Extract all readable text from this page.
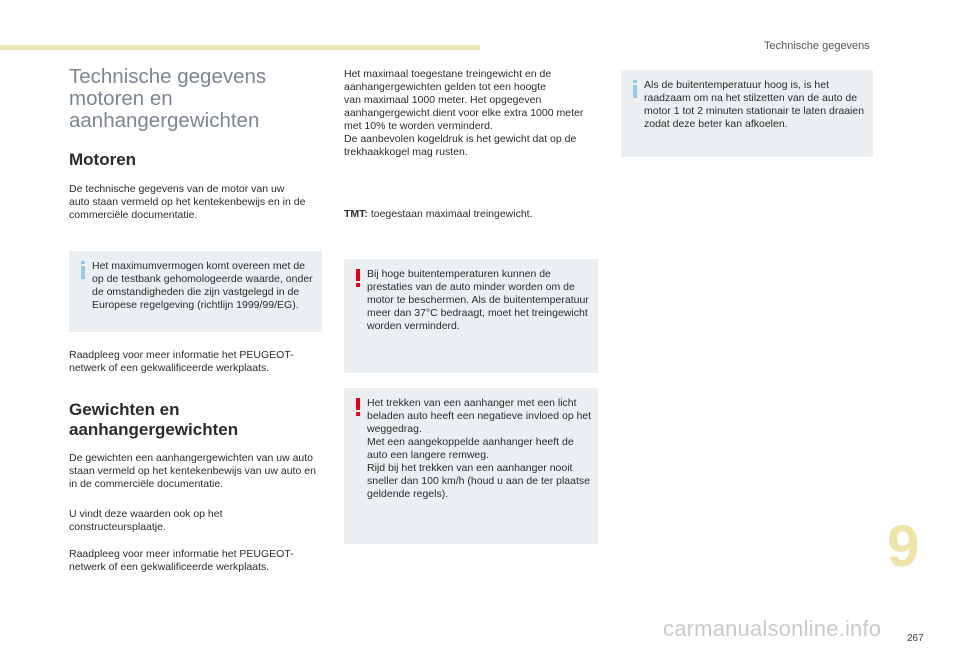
Technische gegevens
Technische gegevens
motoren en
aanhangergewichten
Motoren

De technische gegevens van de motor van uw
auto staan vermeld op het kentekenbewijs en in de
commerciële documentatie.

Het maximumvermogen komt overeen met de
op de testbank gehomologeerde waarde, onder
de omstandigheden die zijn vastgelegd in de
Europese regelgeving (richtlijn 1999/99/EG).

Raadpleeg voor meer informatie het PEUGEOT-
netwerk of een gekwalificeerde werkplaats.

Gewichten en
aanhangergewichten

De gewichten een aanhangergewichten van uw auto
staan vermeld op het kentekenbewijs van uw auto en
in de commerciële documentatie.

U vindt deze waarden ook op het
constructeursplaatje.

Raadpleeg voor meer informatie het PEUGEOT-
netwerk of een gekwalificeerde werkplaats.

Het maximaal toegestane treingewicht en de
aanhangergewichten gelden tot een hoogte
van maximaal 1000 meter. Het opgegeven
aanhangergewicht dient voor elke extra 1000 meter
met 10% te worden verminderd.
De aanbevolen kogeldruk is het gewicht dat op de
trekhaakkogel mag rusten.

TMT: toegestaan maximaal treingewicht.

Bij hoge buitentemperaturen kunnen de
prestaties van de auto minder worden om de
motor te beschermen. Als de buitentemperatuur
meer dan 37°C bedraagt, moet het treingewicht
worden verminderd.

Het trekken van een aanhanger met een licht
beladen auto heeft een negatieve invloed op het
weggedrag.
Met een aangekoppelde aanhanger heeft de
auto een langere remweg.
Rijd bij het trekken van een aanhanger nooit
sneller dan 100 km/h (houd u aan de ter plaatse
geldende regels).

Als de buitentemperatuur hoog is, is het
raadzaam om na het stilzetten van de auto de
motor 1 tot 2 minuten stationair te laten draaien
zodat deze beter kan afkoelen.

9
267
carmanualsonline.info
